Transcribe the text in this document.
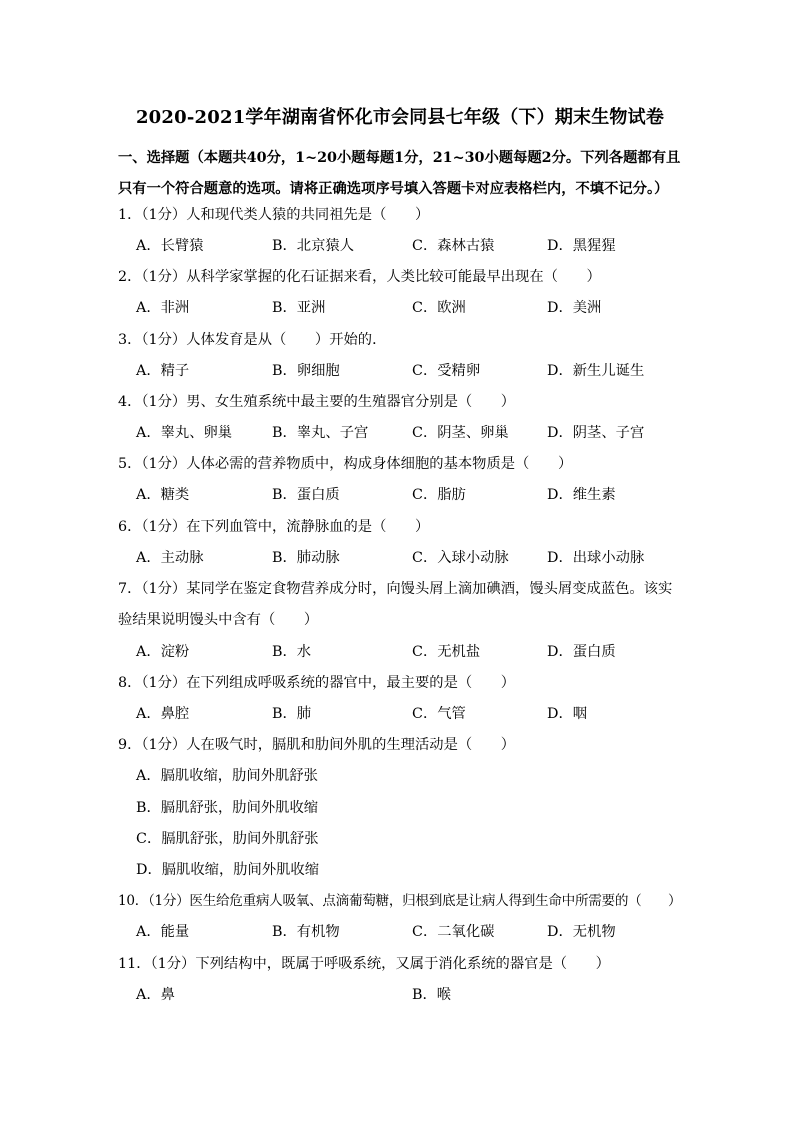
2020-2021学年湖南省怀化市会同县七年级（下）期末生物试卷
一、选择题（本题共40分，1~20小题每题1分，21~30小题每题2分。下列各题都有且只有一个符合题意的选项。请将正确选项序号填入答题卡对应表格栏内，不填不记分。）
1．（1分）人和现代类人猿的共同祖先是（　　）
A．长臂猿	B．北京猿人	C．森林古猿	D．黑猩猩
2．（1分）从科学家掌握的化石证据来看，人类比较可能最早出现在（　　）
A．非洲	B．亚洲	C．欧洲	D．美洲
3．（1分）人体发育是从（　　）开始的．
A．精子	B．卵细胞	C．受精卵	D．新生儿诞生
4．（1分）男、女生殖系统中最主要的生殖器官分别是（　　）
A．睾丸、卵巢	B．睾丸、子宫	C．阴茎、卵巢	D．阴茎、子宫
5．（1分）人体必需的营养物质中，构成身体细胞的基本物质是（　　）
A．糖类	B．蛋白质	C．脂肪	D．维生素
6．（1分）在下列血管中，流静脉血的是（　　）
A．主动脉	B．肺动脉	C．入球小动脉	D．出球小动脉
7．（1分）某同学在鉴定食物营养成分时，向馒头屑上滴加碘酒，馒头屑变成蓝色。该实验结果说明馒头中含有（　　）
A．淀粉	B．水	C．无机盐	D．蛋白质
8．（1分）在下列组成呼吸系统的器官中，最主要的是（　　）
A．鼻腔	B．肺	C．气管	D．咽
9．（1分）人在吸气时，膈肌和肋间外肌的生理活动是（　　）
A．膈肌收缩，肋间外肌舒张
B．膈肌舒张，肋间外肌收缩
C．膈肌舒张，肋间外肌舒张
D．膈肌收缩，肋间外肌收缩
10．（1分）医生给危重病人吸氧、点滴葡萄糖，归根到底是让病人得到生命中所需要的（　　）
A．能量	B．有机物	C．二氧化碳	D．无机物
11．（1分）下列结构中，既属于呼吸系统，又属于消化系统的器官是（　　）
A．鼻	B．喉
